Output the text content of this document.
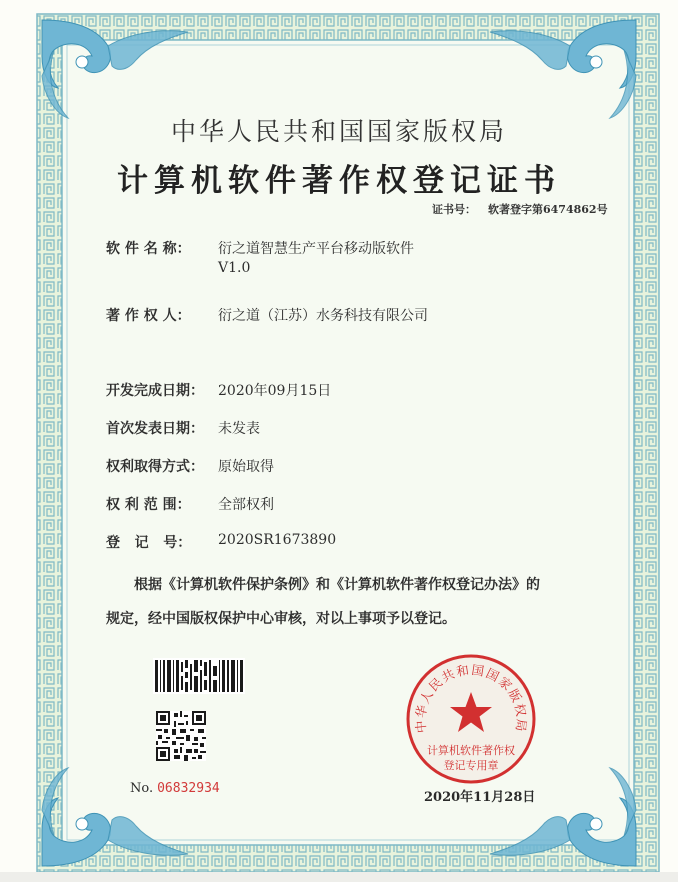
中华人民共和国国家版权局
计算机软件著作权登记证书
证书号： 软著登字第6474862号
软 件 名 称： 衍之道智慧生产平台移动版软件
V1.0
著 作 权 人： 衍之道（江苏）水务科技有限公司
开发完成日期： 2020年09月15日
首次发表日期： 未发表
权利取得方式： 原始取得
权 利 范 围： 全部权利
登   记   号： 2020SR1673890
根据《计算机软件保护条例》和《计算机软件著作权登记办法》的
规定，经中国版权保护中心审核，对以上事项予以登记。
No. 06832934
中华人民共和国国家版权局
计算机软件著作权
登记专用章
2020年11月28日
